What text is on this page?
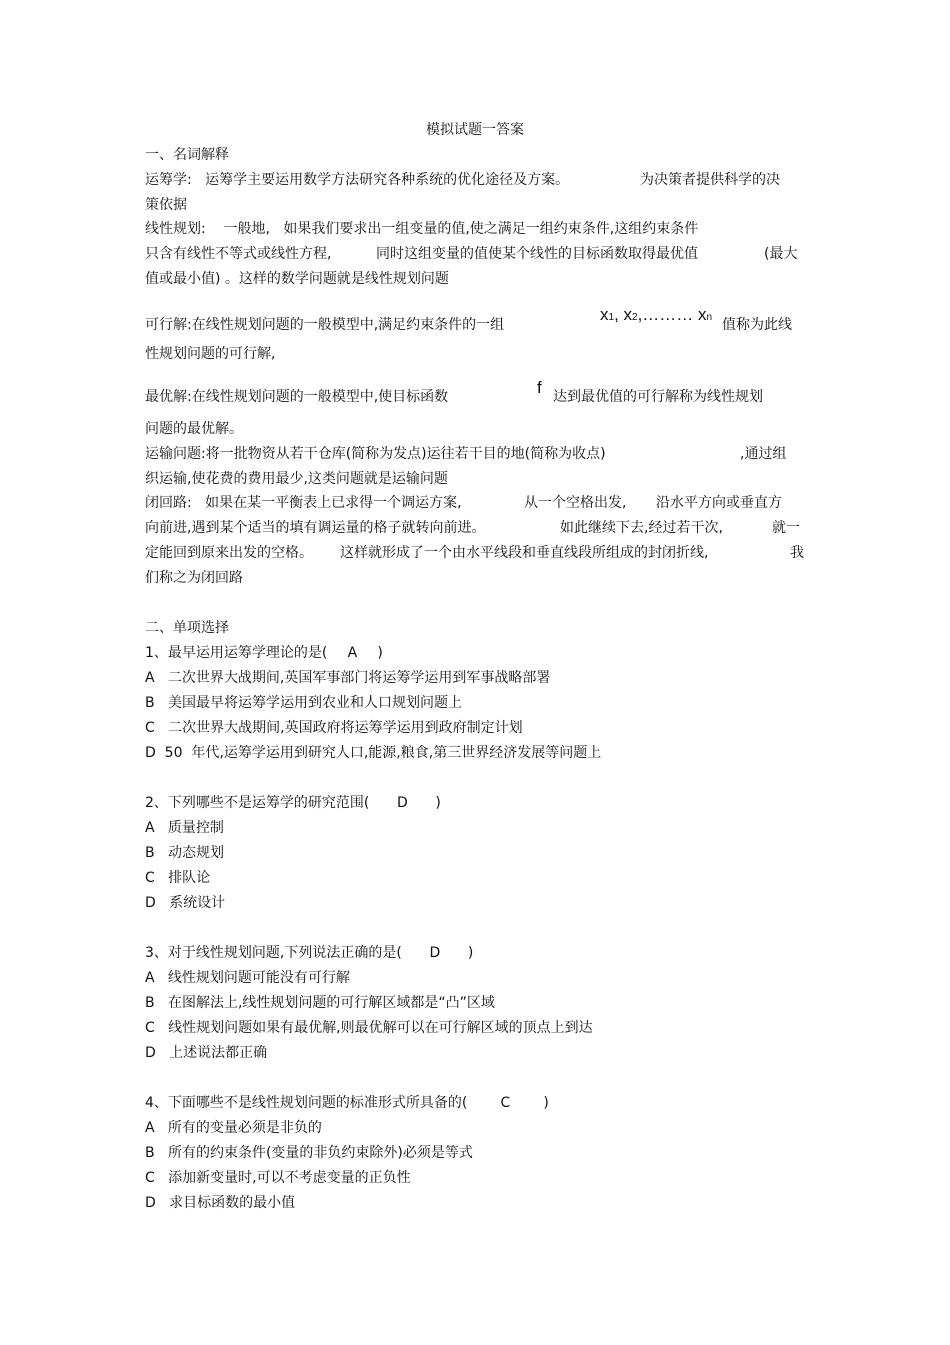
模拟试题一答案
一、名词解释
运筹学:   运筹学主要运用数学方法研究各种系统的优化途径及方案。	为决策者提供科学的决
策依据
线性规划:    一般地,   如果我们要求出一组变量的值,使之满足一组约束条件,这组约束条件
只含有线性不等式或线性方程,	同时这组变量的值使某个线性的目标函数取得最优值	(最大
值或最小值) 。这样的数学问题就是线性规划问题
可行解:在线性规划问题的一般模型中,满足约束条件的一组
x1, x2,……… xn 值称为此线
性规划问题的可行解,
最优解:在线性规划问题的一般模型中,使目标函数	f 达到最优值的可行解称为线性规划
问题的最优解。
运输问题:将一批物资从若干仓库(简称为发点)运往若干目的地(简称为收点)	,通过组
织运输,使花费的费用最少,这类问题就是运输问题
闭回路:   如果在某一平衡表上已求得一个调运方案,	从一个空格出发, 沿水平方向或垂直方
向前进,遇到某个适当的填有调运量的格子就转向前进。	如此继续下去,经过若干次,	就一
定能回到原来出发的空格。 这样就形成了一个由水平线段和垂直线段所组成的封闭折线,	我
们称之为闭回路
二、单项选择
1、最早运用运筹学理论的是( A )
A   二次世界大战期间,英国军事部门将运筹学运用到军事战略部署
B   美国最早将运筹学运用到农业和人口规划问题上
C   二次世界大战期间,英国政府将运筹学运用到政府制定计划
D  50  年代,运筹学运用到研究人口,能源,粮食,第三世界经济发展等问题上
2、下列哪些不是运筹学的研究范围( D )
A   质量控制
B   动态规划
C   排队论
D   系统设计
3、对于线性规划问题,下列说法正确的是( D )
A   线性规划问题可能没有可行解
B   在图解法上,线性规划问题的可行解区域都是“凸”区域
C   线性规划问题如果有最优解,则最优解可以在可行解区域的顶点上到达
D   上述说法都正确
4、下面哪些不是线性规划问题的标准形式所具备的( C )
A   所有的变量必须是非负的
B   所有的约束条件(变量的非负约束除外)必须是等式
C   添加新变量时,可以不考虑变量的正负性
D   求目标函数的最小值
